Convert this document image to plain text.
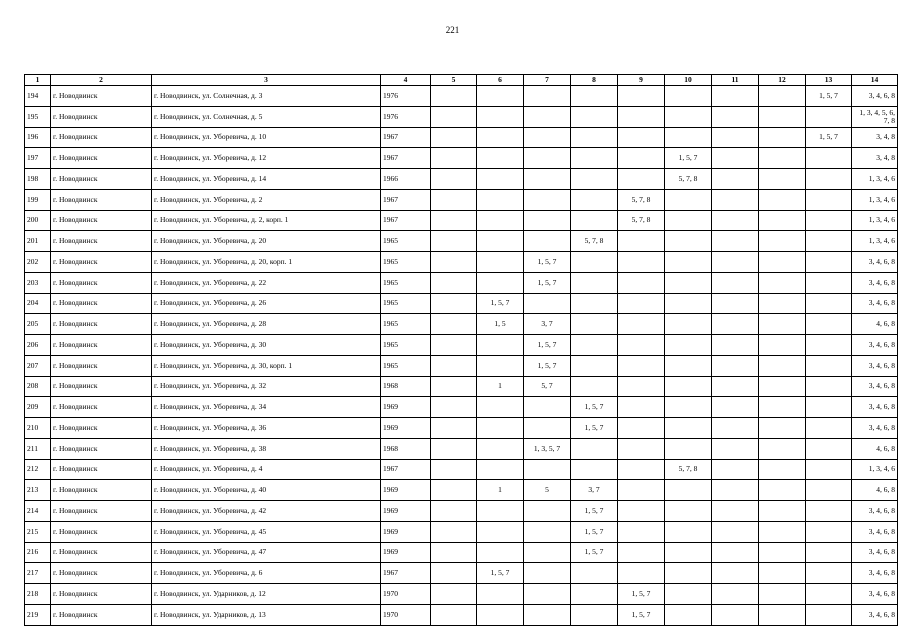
221
1	2	3	4	5	6	7	8	9	10	11	12	13	14
194	г. Новодвинск	г. Новодвинск, ул. Солнечная, д. 3	1976									1, 5, 7	3, 4, 6, 8
195	г. Новодвинск	г. Новодвинск, ул. Солнечная, д. 5	1976										1, 3, 4, 5, 6, 7, 8
196	г. Новодвинск	г. Новодвинск, ул. Уборевича, д. 10	1967									1, 5, 7	3, 4, 8
197	г. Новодвинск	г. Новодвинск, ул. Уборевича, д. 12	1967						1, 5, 7				3, 4, 8
198	г. Новодвинск	г. Новодвинск, ул. Уборевича, д. 14	1966						5, 7, 8				1, 3, 4, 6
199	г. Новодвинск	г. Новодвинск, ул. Уборевича, д. 2	1967					5, 7, 8					1, 3, 4, 6
200	г. Новодвинск	г. Новодвинск, ул. Уборевича, д. 2, корп. 1	1967					5, 7, 8					1, 3, 4, 6
201	г. Новодвинск	г. Новодвинск, ул. Уборевича, д. 20	1965				5, 7, 8						1, 3, 4, 6
202	г. Новодвинск	г. Новодвинск, ул. Уборевича, д. 20, корп. 1	1965			1, 5, 7							3, 4, 6, 8
203	г. Новодвинск	г. Новодвинск, ул. Уборевича, д. 22	1965			1, 5, 7							3, 4, 6, 8
204	г. Новодвинск	г. Новодвинск, ул. Уборевича, д. 26	1965		1, 5, 7								3, 4, 6, 8
205	г. Новодвинск	г. Новодвинск, ул. Уборевича, д. 28	1965		1, 5	3, 7							4, 6, 8
206	г. Новодвинск	г. Новодвинск, ул. Уборевича, д. 30	1965			1, 5, 7							3, 4, 6, 8
207	г. Новодвинск	г. Новодвинск, ул. Уборевича, д. 30, корп. 1	1965			1, 5, 7							3, 4, 6, 8
208	г. Новодвинск	г. Новодвинск, ул. Уборевича, д. 32	1968		1	5, 7							3, 4, 6, 8
209	г. Новодвинск	г. Новодвинск, ул. Уборевича, д. 34	1969				1, 5, 7						3, 4, 6, 8
210	г. Новодвинск	г. Новодвинск, ул. Уборевича, д. 36	1969				1, 5, 7						3, 4, 6, 8
211	г. Новодвинск	г. Новодвинск, ул. Уборевича, д. 38	1968			1, 3, 5, 7							4, 6, 8
212	г. Новодвинск	г. Новодвинск, ул. Уборевича, д. 4	1967						5, 7, 8				1, 3, 4, 6
213	г. Новодвинск	г. Новодвинск, ул. Уборевича, д. 40	1969		1	5	3, 7						4, 6, 8
214	г. Новодвинск	г. Новодвинск, ул. Уборевича, д. 42	1969				1, 5, 7						3, 4, 6, 8
215	г. Новодвинск	г. Новодвинск, ул. Уборевича, д. 45	1969				1, 5, 7						3, 4, 6, 8
216	г. Новодвинск	г. Новодвинск, ул. Уборевича, д. 47	1969				1, 5, 7						3, 4, 6, 8
217	г. Новодвинск	г. Новодвинск, ул. Уборевича, д. 6	1967		1, 5, 7								3, 4, 6, 8
218	г. Новодвинск	г. Новодвинск, ул. Ударников, д. 12	1970					1, 5, 7					3, 4, 6, 8
219	г. Новодвинск	г. Новодвинск, ул. Ударников, д. 13	1970					1, 5, 7					3, 4, 6, 8
